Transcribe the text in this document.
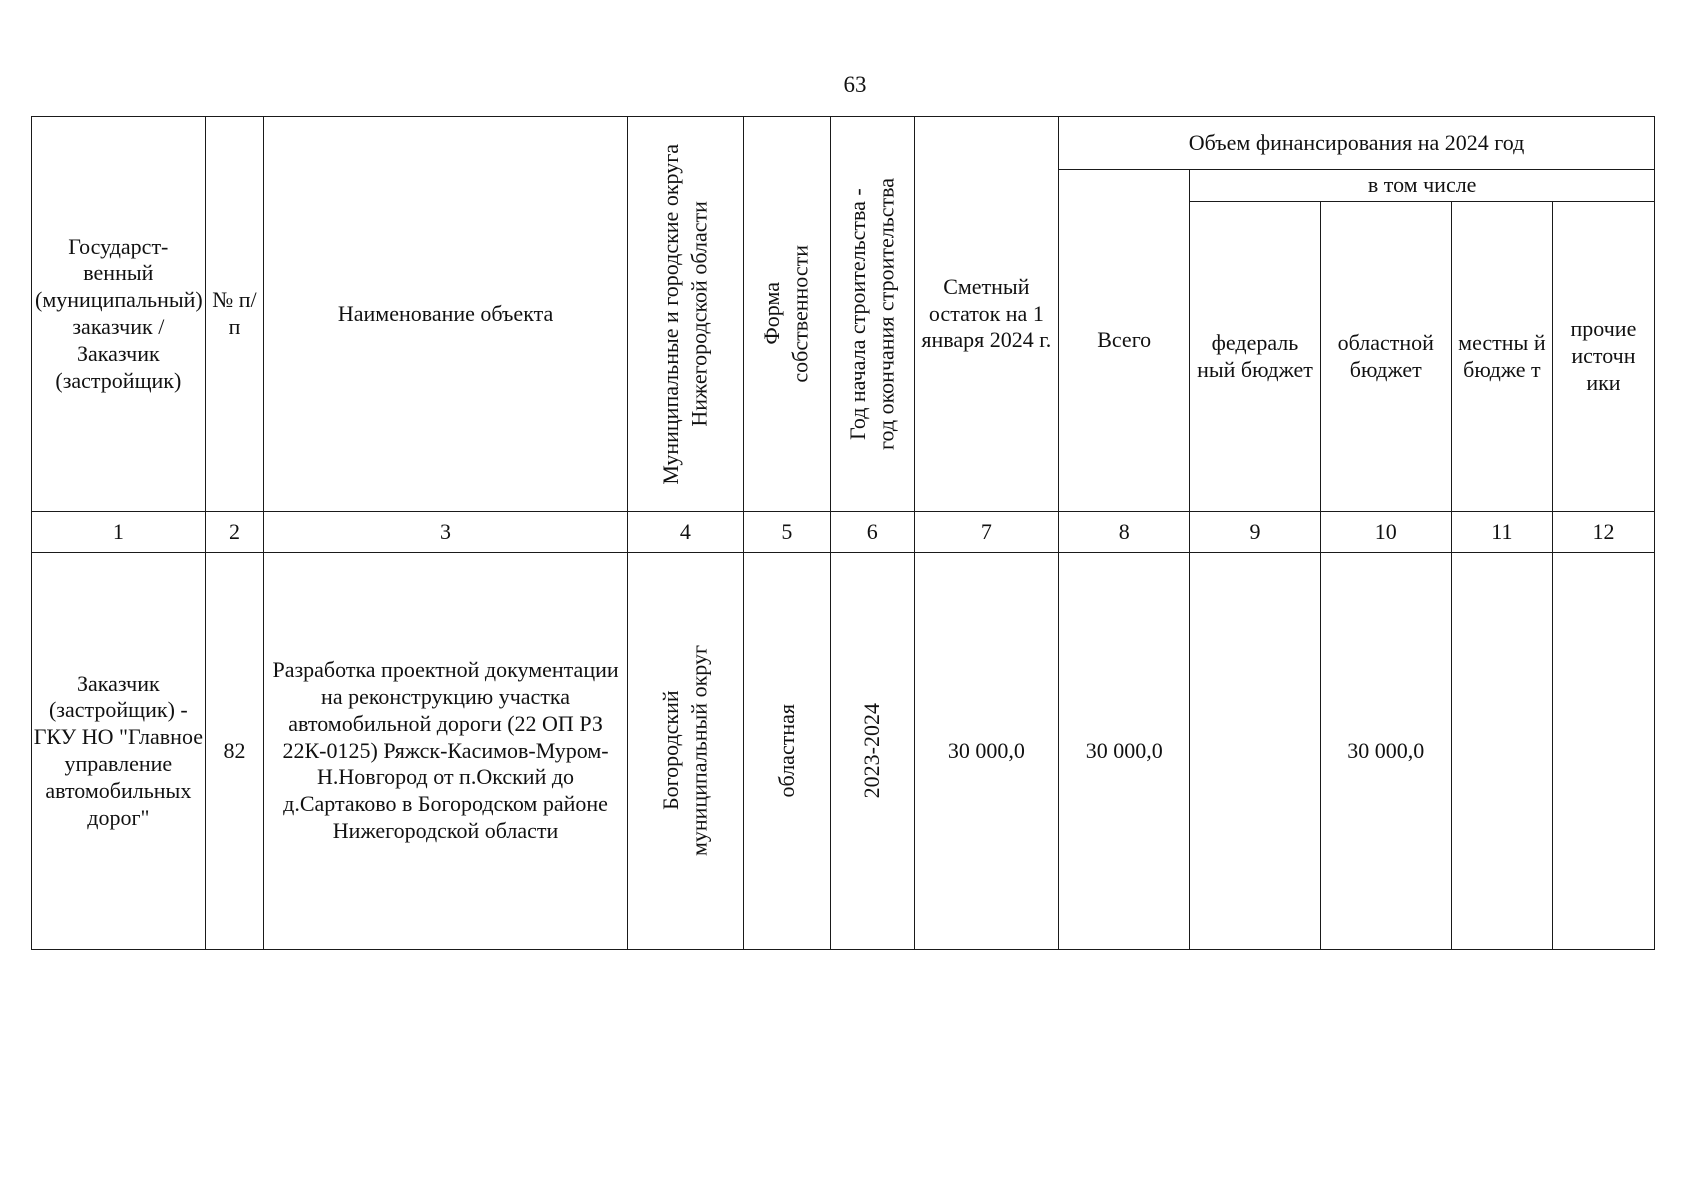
63
Государст-венный (муниципальный) заказчик / Заказчик (застройщик)	№ п/п	Наименование объекта	Муниципальные и городские округа Нижегородской области	Форма собственности	Год начала строительства - год окончания строительства	Сметный остаток на 1 января 2024 г.	Объем финансирования на 2024 год				
							Всего	в том числе			

								федераль ный бюджет	областной бюджет	местны й бюдже т	прочие источн ики

1	2	3	4	5	6	7	8	9	10	11	12
Заказчик (застройщик) - ГКУ НО "Главное управление автомобильных дорог"	82	Разработка проектной документации на реконструкцию участка автомобильной дороги (22 ОП РЗ 22К-0125) Ряжск-Касимов-Муром-Н.Новгород от п.Окский до д.Сартаково в Богородском районе Нижегородской области	Богородский муниципальный округ	областная	2023-2024	30 000,0	30 000,0		30 000,0		
